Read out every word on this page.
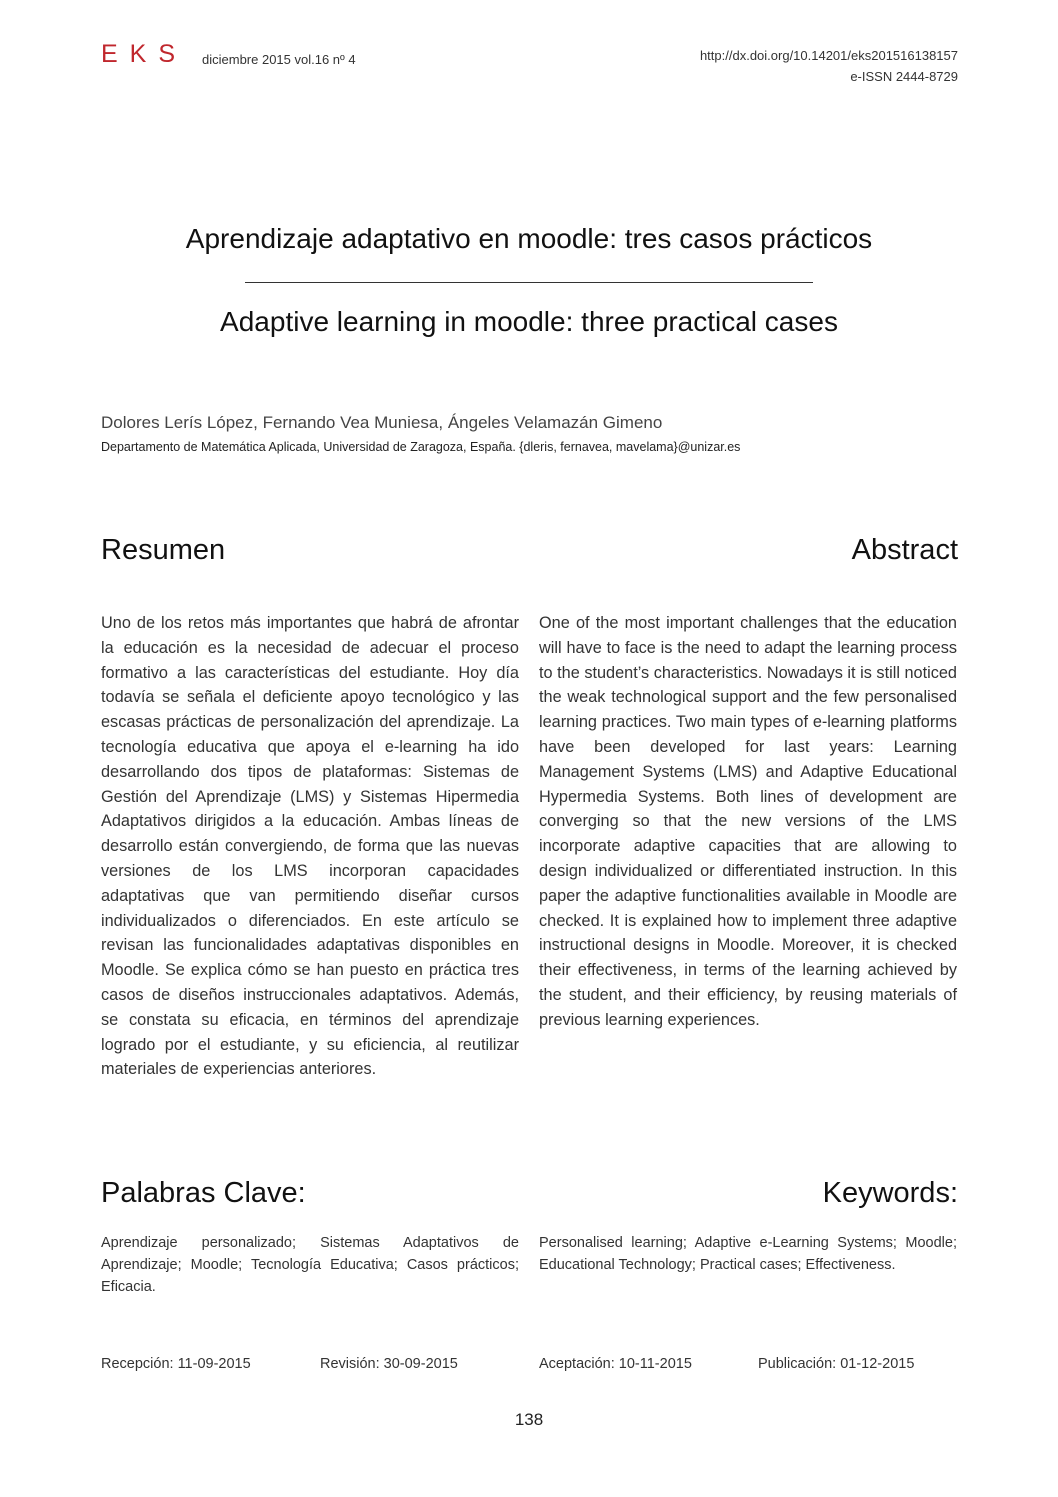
EKS diciembre 2015 vol.16 nº 4	http://dx.doi.org/10.14201/eks201516138157
e-ISSN 2444-8729
Aprendizaje adaptativo en moodle: tres casos prácticos
Adaptive learning in moodle: three practical cases
Dolores Lerís López, Fernando Vea Muniesa, Ángeles Velamazán Gimeno
Departamento de Matemática Aplicada, Universidad de Zaragoza, España. {dleris, fernavea, mavelama}@unizar.es
Resumen	Abstract
Uno de los retos más importantes que habrá de afrontar la educación es la necesidad de adecuar el proceso formativo a las características del estudiante. Hoy día todavía se señala el deficiente apoyo tecnológico y las escasas prácticas de personalización del aprendizaje. La tecnología educativa que apoya el e-learning ha ido desarrollando dos tipos de plataformas: Sistemas de Gestión del Aprendizaje (LMS) y Sistemas Hipermedia Adaptativos dirigidos a la educación. Ambas líneas de desarrollo están convergiendo, de forma que las nuevas versiones de los LMS incorporan capacidades adaptativas que van permitiendo diseñar cursos individualizados o diferenciados. En este artículo se revisan las funcionalidades adaptativas disponibles en Moodle. Se explica cómo se han puesto en práctica tres casos de diseños instruccionales adaptativos. Además, se constata su eficacia, en términos del aprendizaje logrado por el estudiante, y su eficiencia, al reutilizar materiales de experiencias anteriores.
One of the most important challenges that the education will have to face is the need to adapt the learning process to the student’s characteristics. Nowadays it is still noticed the weak technological support and the few personalised learning practices. Two main types of e-learning platforms have been developed for last years: Learning Management Systems (LMS) and Adaptive Educational Hypermedia Systems. Both lines of development are converging so that the new versions of the LMS incorporate adaptive capacities that are allowing to design individualized or differentiated instruction. In this paper the adaptive functionalities available in Moodle are checked. It is explained how to implement three adaptive instructional designs in Moodle. Moreover, it is checked their effectiveness, in terms of the learning achieved by the student, and their efficiency, by reusing materials of previous learning experiences.
Palabras Clave:	Keywords:
Aprendizaje personalizado; Sistemas Adaptativos de Aprendizaje; Moodle; Tecnología Educativa; Casos prácticos; Eficacia.
Personalised learning; Adaptive e-Learning Systems; Moodle; Educational Technology; Practical cases; Effectiveness.
Recepción: 11-09-2015	Revisión: 30-09-2015	Aceptación: 10-11-2015	Publicación: 01-12-2015
138
